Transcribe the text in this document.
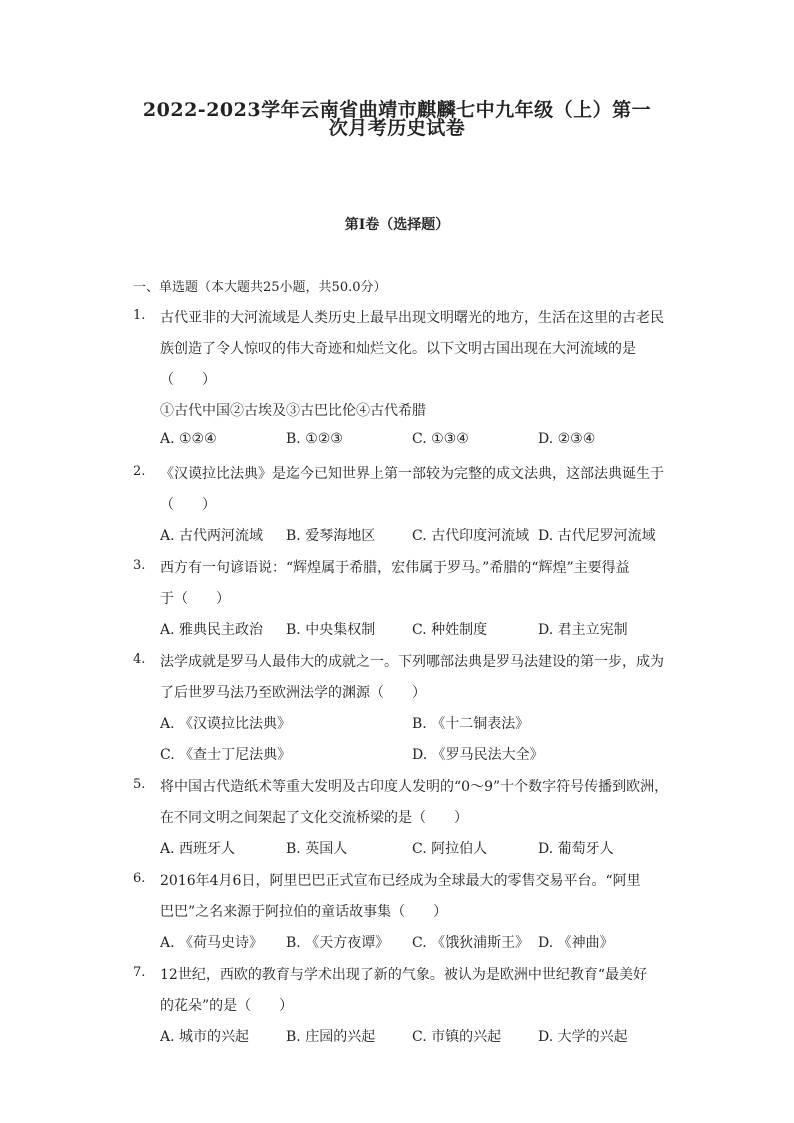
2022-2023学年云南省曲靖市麒麟七中九年级（上）第一
次月考历史试卷
第I卷（选择题）
一、单选题（本大题共25小题，共50.0分）
1. 古代亚非的大河流域是人类历史上最早出现文明曙光的地方，生活在这里的古老民
族创造了令人惊叹的伟大奇迹和灿烂文化。以下文明古国出现在大河流域的是
（　　）
①古代中国②古埃及③古巴比伦④古代希腊
A. ①②④	B. ①②③	C. ①③④	D. ②③④
2. 《汉谟拉比法典》是迄今已知世界上第一部较为完整的成文法典，这部法典诞生于
（　　）
A. 古代两河流域 B. 爱琴海地区	C. 古代印度河流域 D. 古代尼罗河流域
3. 西方有一句谚语说：“辉煌属于希腊，宏伟属于罗马。”希腊的“辉煌”主要得益
于（　　）
A. 雅典民主政治 B. 中央集权制	C. 种姓制度	D. 君主立宪制
4. 法学成就是罗马人最伟大的成就之一。下列哪部法典是罗马法建设的第一步，成为
了后世罗马法乃至欧洲法学的渊源（　　）
A. 《汉谟拉比法典》	B. 《十二铜表法》
C. 《查士丁尼法典》	D. 《罗马民法大全》
5. 将中国古代造纸术等重大发明及古印度人发明的“0～9”十个数字符号传播到欧洲，
在不同文明之间架起了文化交流桥梁的是（　　）
A. 西班牙人	B. 英国人	C. 阿拉伯人	D. 葡萄牙人
6. 2016年4月6日，阿里巴巴正式宣布已经成为全球最大的零售交易平台。“阿里
巴巴”之名来源于阿拉伯的童话故事集（　　）
A. 《荷马史诗》 B. 《天方夜谭》 C. 《饿狄浦斯王》 D. 《神曲》
7. 12世纪，西欧的教育与学术出现了新的气象。被认为是欧洲中世纪教育“最美好
的花朵”的是（　　）
A. 城市的兴起	B. 庄园的兴起	C. 市镇的兴起	D. 大学的兴起
